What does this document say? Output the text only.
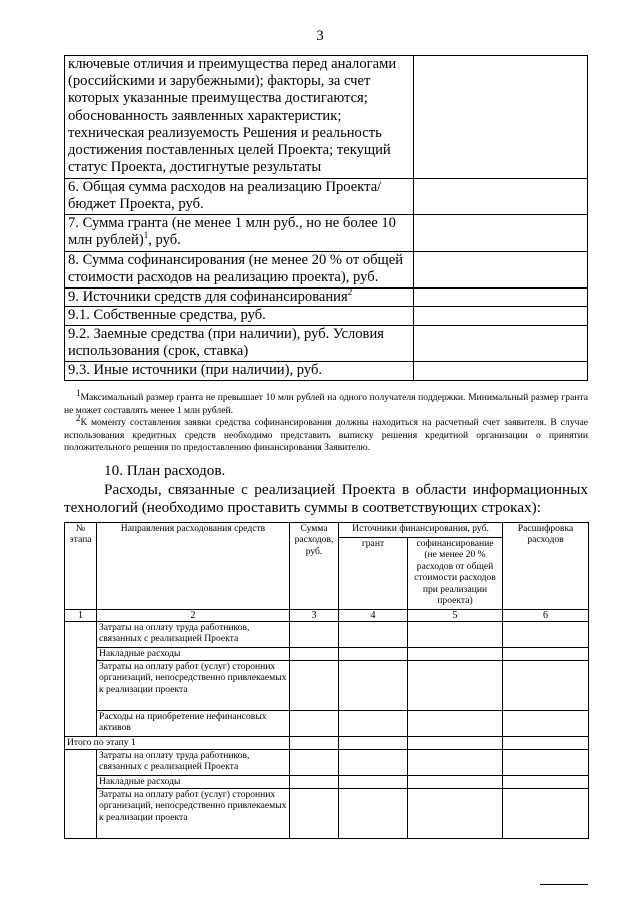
3
ключевые отличия и преимущества перед аналогами (российскими и зарубежными); факторы, за счет которых указанные преимущества достигаются; обоснованность заявленных характеристик; техническая реализуемость Решения и реальность достижения поставленных целей Проекта; текущий статус Проекта, достигнутые результаты	
6. Общая сумма расходов на реализацию Проекта/бюджет Проекта, руб.	
7. Сумма гранта (не менее 1 млн руб., но не более 10 млн рублей)$^1$, руб.	
8. Сумма софинансирования (не менее 20 % от общей стоимости расходов на реализацию проекта), руб.	
9. Источники средств для софинансирования$^2$	
9.1. Собственные средства, руб.	
9.2. Заемные средства (при наличии), руб. Условия использования (срок, ставка)	
9.3. Иные источники (при наличии), руб.	

$^1$Максимальный размер гранта не превышает 10 млн рублей на одного получателя поддержки. Минимальный размер гранта не может составлять менее 1 млн рублей.

$^2$К моменту составления заявки средства софинансирования должны находиться на расчетный счет заявителя. В случае использования кредитных средств необходимо представить выписку решения кредитной организации о принятии положительного решения по предоставлению финансирования Заявителю.

10. План расходов.

Расходы, связанные с реализацией Проекта в области информационных технологий (необходимо проставить суммы в соответствующих строках):

№ этапа	Направления расходования средств	Сумма расходов, руб.	Источники финансирования, руб.		Расшифровка расходов
			грант	софинансирование (не менее 20 % расходов от общей стоимости расходов при реализации проекта)	
1	2	3	4	5	6
	Затраты на оплату труда работников, связанных с реализацией Проекта				
	Накладные расходы				
	Затраты на оплату работ (услуг) сторонних организаций, непосредственно привлекаемых к реализации проекта				
	Расходы на приобретение нефинансовых активов				
Итого по этапу 1					
	Затраты на оплату труда работников, связанных с реализацией Проекта				
	Накладные расходы				
	Затраты на оплату работ (услуг) сторонних организаций, непосредственно привлекаемых к реализации проекта				
